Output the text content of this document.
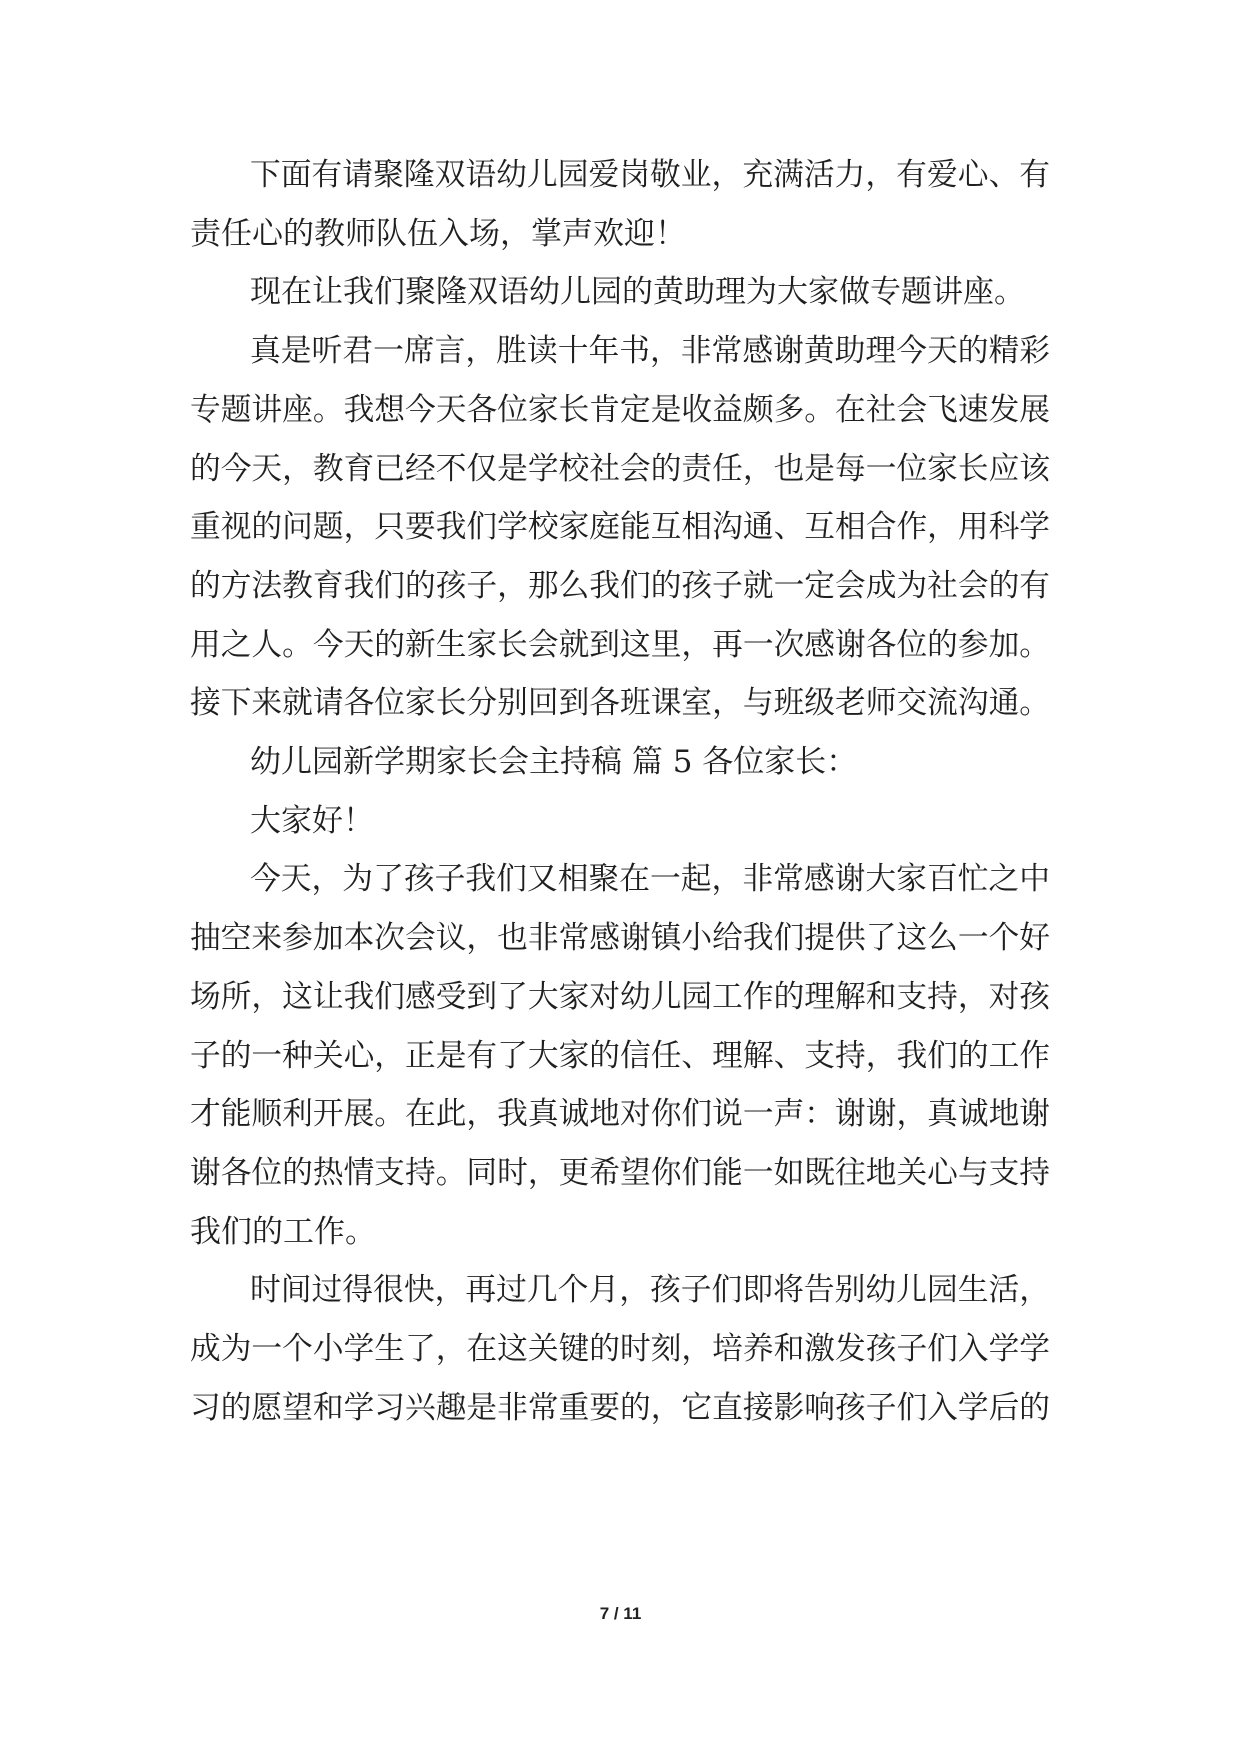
下面有请聚隆双语幼儿园爱岗敬业，充满活力，有爱心、有
责任心的教师队伍入场，掌声欢迎！
现在让我们聚隆双语幼儿园的黄助理为大家做专题讲座。
真是听君一席言，胜读十年书，非常感谢黄助理今天的精彩
专题讲座。我想今天各位家长肯定是收益颇多。在社会飞速发展
的今天，教育已经不仅是学校社会的责任，也是每一位家长应该
重视的问题，只要我们学校家庭能互相沟通、互相合作，用科学
的方法教育我们的孩子，那么我们的孩子就一定会成为社会的有
用之人。今天的新生家长会就到这里，再一次感谢各位的参加。
接下来就请各位家长分别回到各班课室，与班级老师交流沟通。
幼儿园新学期家长会主持稿 篇 5 各位家长：
大家好！
今天，为了孩子我们又相聚在一起，非常感谢大家百忙之中
抽空来参加本次会议，也非常感谢镇小给我们提供了这么一个好
场所，这让我们感受到了大家对幼儿园工作的理解和支持，对孩
子的一种关心，正是有了大家的信任、理解、支持，我们的工作
才能顺利开展。在此，我真诚地对你们说一声：谢谢，真诚地谢
谢各位的热情支持。同时，更希望你们能一如既往地关心与支持
我们的工作。
时间过得很快，再过几个月，孩子们即将告别幼儿园生活，
成为一个小学生了，在这关键的时刻，培养和激发孩子们入学学
习的愿望和学习兴趣是非常重要的，它直接影响孩子们入学后的
7 / 11
